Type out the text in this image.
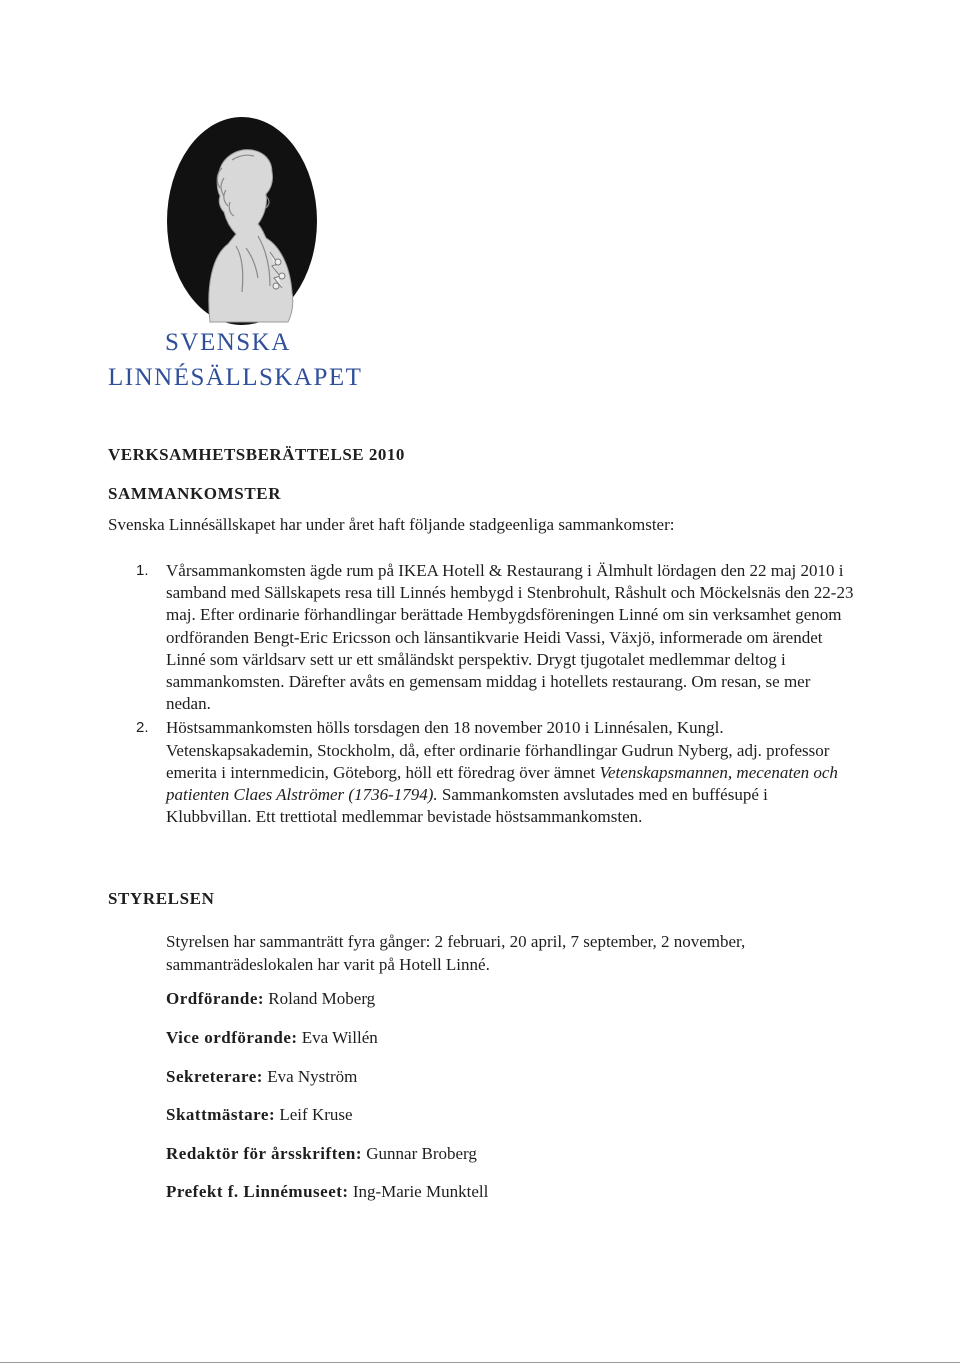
SVENSKA
LINNÉSÄLLSKAPET
VERKSAMHETSBERÄTTELSE 2010
SAMMANKOMSTER

Svenska Linnésällskapet har under året haft följande stadgeenliga sammankomster:

1. Vårsammankomsten ägde rum på IKEA Hotell & Restaurang i Älmhult lördagen den 22 maj 2010 i samband med Sällskapets resa till Linnés hembygd i Stenbrohult, Råshult och Möckelsnäs den 22-23 maj. Efter ordinarie förhandlingar berättade Hembygdsföreningen Linné om sin verksamhet genom ordföranden Bengt-Eric Ericsson och länsantikvarie Heidi Vassi, Växjö, informerade om ärendet Linné som världsarv sett ur ett småländskt perspektiv. Drygt tjugotalet medlemmar deltog i sammankomsten. Därefter avåts en gemensam middag i hotellets restaurang. Om resan, se mer nedan.
2. Höstsammankomsten hölls torsdagen den 18 november 2010 i Linnésalen, Kungl. Vetenskapsakademin, Stockholm, då, efter ordinarie förhandlingar Gudrun Nyberg, adj. professor emerita i internmedicin, Göteborg, höll ett föredrag över ämnet Vetenskapsmannen, mecenaten och patienten Claes Alströmer (1736-1794). Sammankomsten avslutades med en buffésupé i Klubbvillan. Ett trettiotal medlemmar bevistade höstsammankomsten.
STYRELSEN

Styrelsen har sammanträtt fyra gånger: 2 februari, 20 april, 7 september, 2 november, sammanträdeslokalen har varit på Hotell Linné.

Ordförande: Roland Moberg

Vice ordförande: Eva Willén

Sekreterare: Eva Nyström

Skattmästare: Leif Kruse

Redaktör för årsskriften: Gunnar Broberg

Prefekt f. Linnémuseet: Ing-Marie Munktell
